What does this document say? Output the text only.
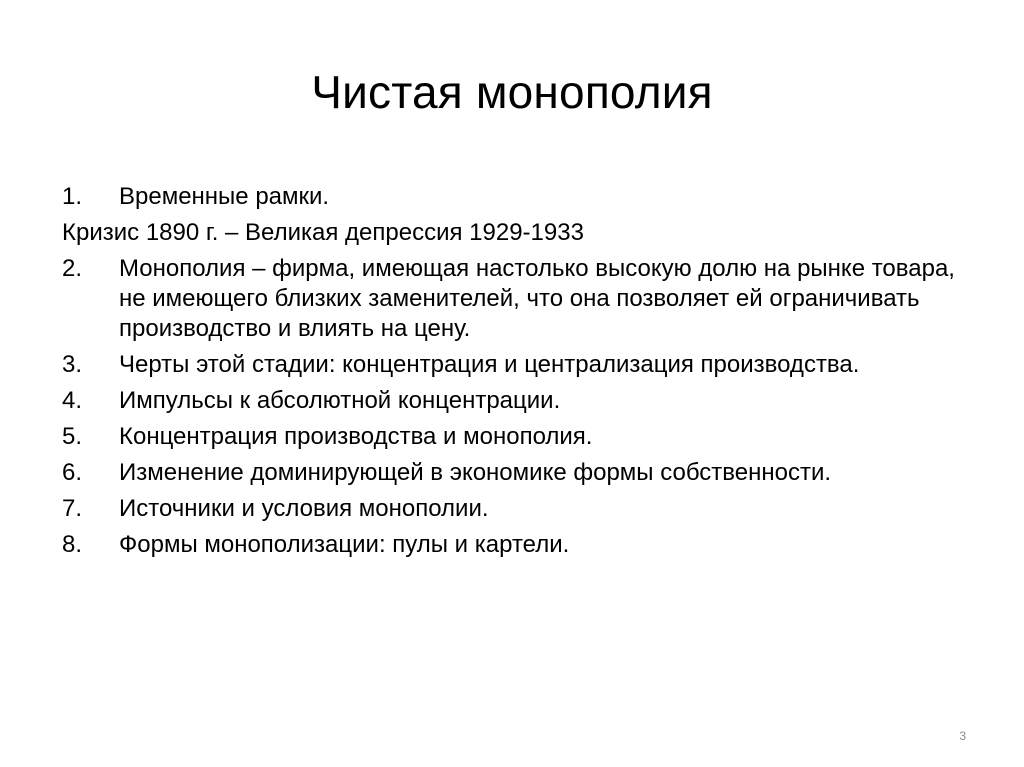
Чистая монополия
1.	Временные рамки.
Кризис 1890 г. – Великая депрессия 1929-1933
2.	Монополия – фирма, имеющая настолько высокую долю на рынке товара, не имеющего близких заменителей, что она позволяет ей ограничивать производство и влиять на цену.
3.	Черты этой стадии: концентрация и централизация производства.
4.	Импульсы к абсолютной концентрации.
5.	Концентрация производства и монополия.
6.	Изменение доминирующей в экономике формы собственности.
7.	Источники и условия монополии.
8.	Формы монополизации: пулы и картели.
3
